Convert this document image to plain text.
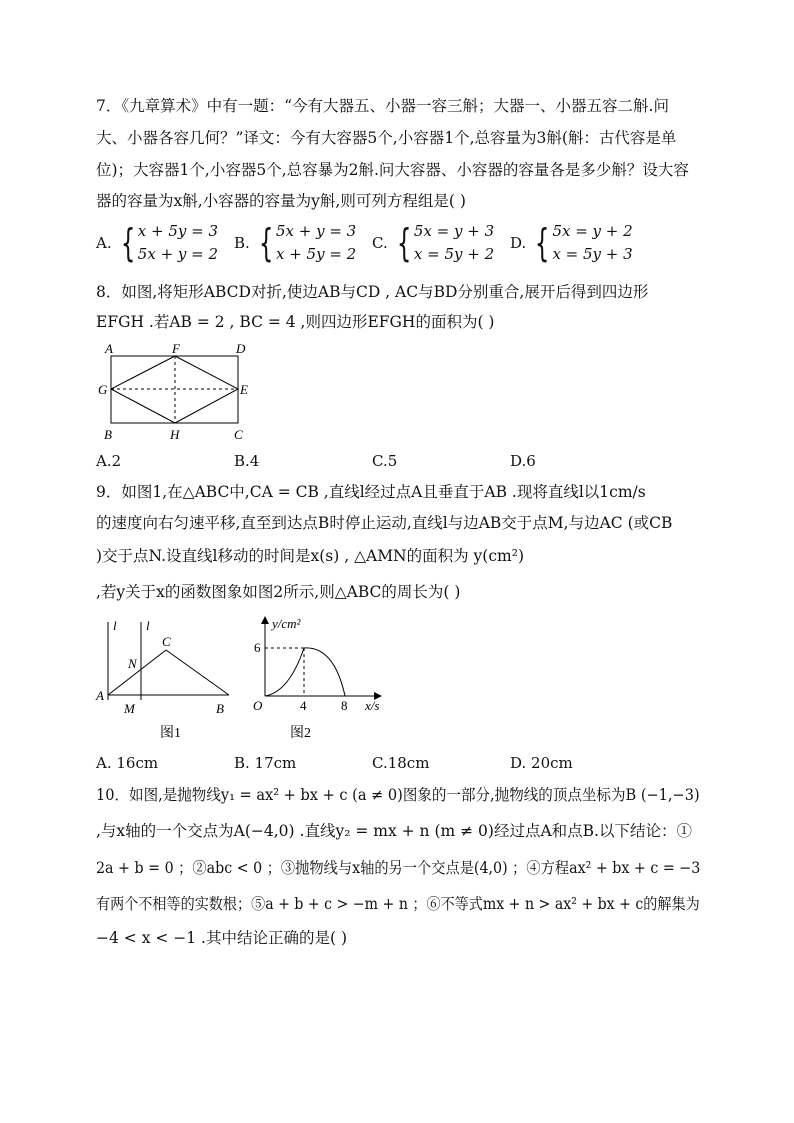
7．《九章算术》中有一题：“今有大器五、小器一容三斛；大器一、小器五容二斛.问
大、小器各容几何？”译文：今有大容器5个,小容器1个,总容量为3斛(斛：古代容是单
位)；大容器1个,小容器5个,总容暴为2斛.问大容器、小容器的容量各是多少斛？设大容
器的容量为x斛,小容器的容量为y斛,则可列方程组是( )
A. { x + 5y = 3
5x + y = 2
B. { 5x + y = 3
x + 5y = 2
C. { 5x = y + 3
x = 5y + 2
D. { 5x = y + 2
x = 5y + 3
8．如图,将矩形ABCD对折,使边AB与CD , AC与BD分别重合,展开后得到四边形
EFGH .若AB = 2 , BC = 4 ,则四边形EFGH的面积为( )
A	F	D
G	E
B	H	C
A.2	B.4	C.5	D.6
9．如图1,在△ABC中,CA = CB ,直线l经过点A且垂直于AB .现将直线l以1cm/s
的速度向右匀速平移,直至到达点B时停止运动,直线l与边AB交于点M,与边AC (或CB
)交于点N.设直线l移动的时间是x(s) , △AMN的面积为 y(cm²)
,若y关于x的函数图象如图2所示,则△ABC的周长为( )
l l
C
N
A
M	B
图1
y/cm²
6
O	4	8 x/s
图2
A. 16cm	B. 17cm	C.18cm	D. 20cm
10．如图,是抛物线y₁ = ax² + bx + c (a ≠ 0)图象的一部分,抛物线的顶点坐标为B (−1,−3)
,与x轴的一个交点为A(−4,0) .直线y₂ = mx + n (m ≠ 0)经过点A和点B.以下结论：①
2a + b = 0 ；②abc < 0 ；③抛物线与x轴的另一个交点是(4,0) ；④方程ax² + bx + c = −3
有两个不相等的实数根；⑤a + b + c > −m + n ；⑥不等式mx + n > ax² + bx + c的解集为
−4 < x < −1 .其中结论正确的是( )
